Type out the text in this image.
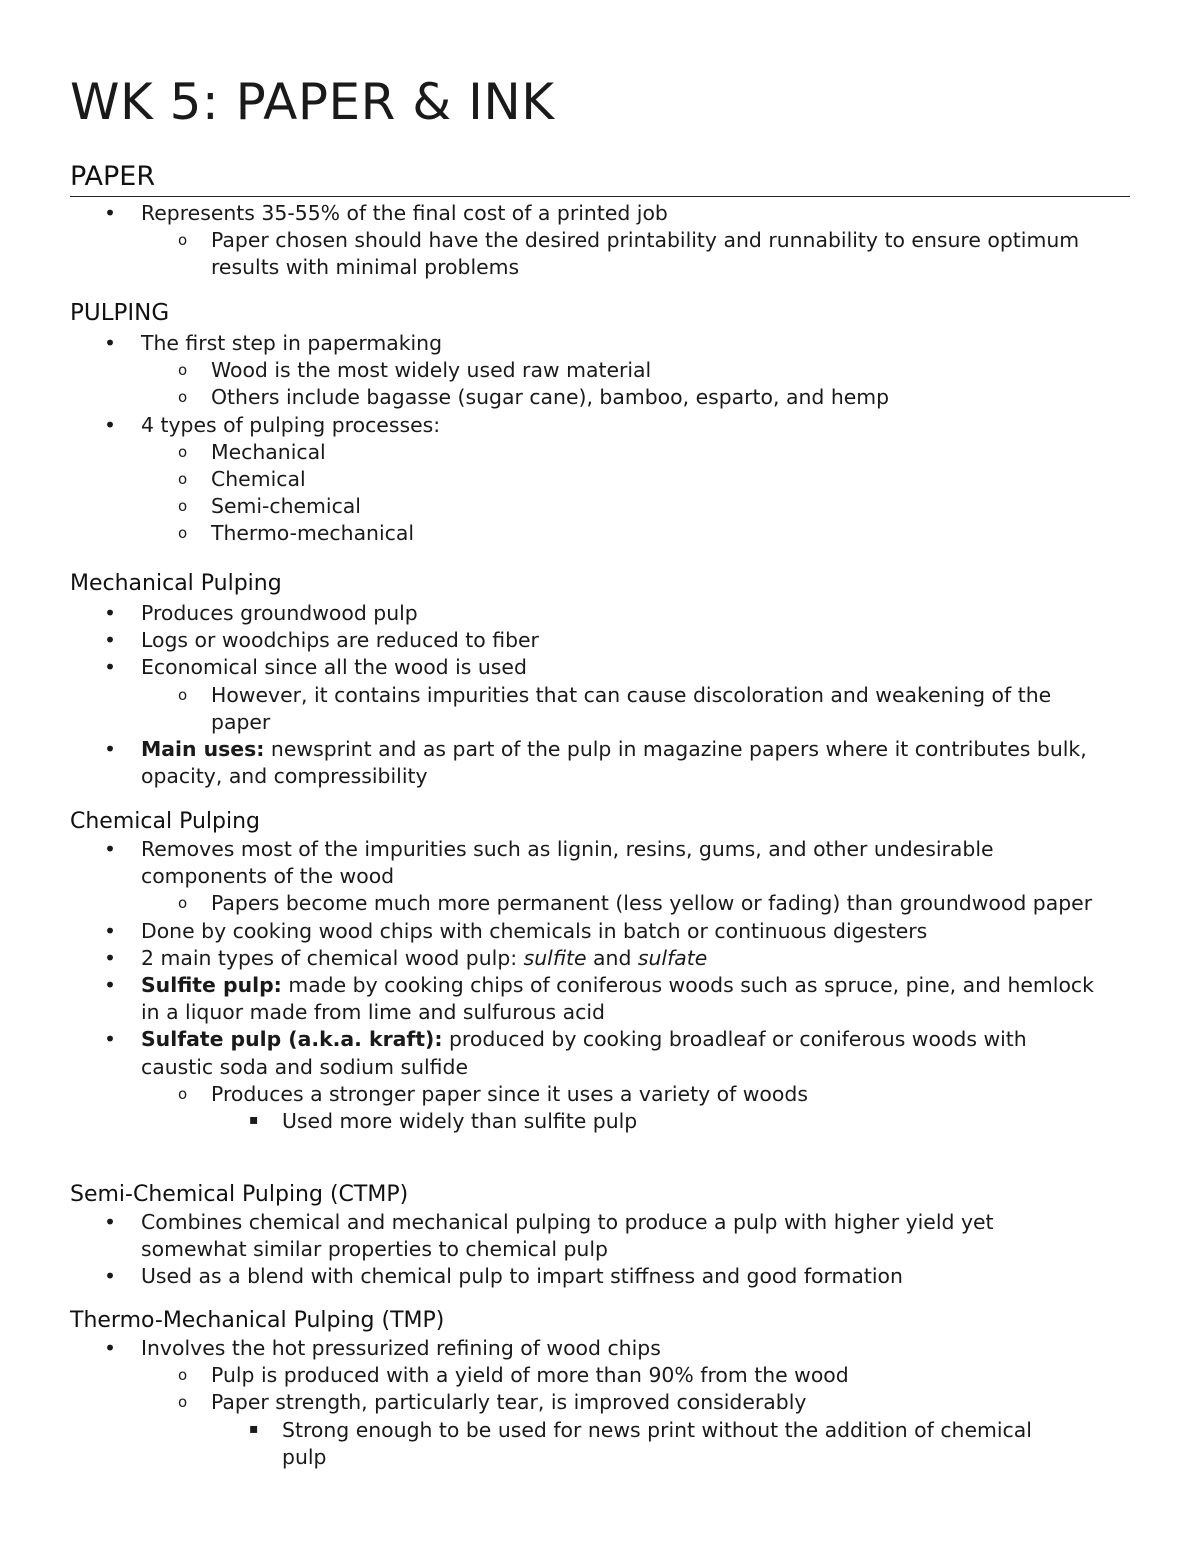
WK 5: PAPER & INK
PAPER
• Represents 35-55% of the final cost of a printed job
o Paper chosen should have the desired printability and runnability to ensure optimum results with minimal problems
PULPING
• The first step in papermaking
o Wood is the most widely used raw material
o Others include bagasse (sugar cane), bamboo, esparto, and hemp
• 4 types of pulping processes:
o Mechanical
o Chemical
o Semi-chemical
o Thermo-mechanical
Mechanical Pulping
• Produces groundwood pulp
• Logs or woodchips are reduced to fiber
• Economical since all the wood is used
o However, it contains impurities that can cause discoloration and weakening of the paper
• Main uses: newsprint and as part of the pulp in magazine papers where it contributes bulk, opacity, and compressibility
Chemical Pulping
• Removes most of the impurities such as lignin, resins, gums, and other undesirable components of the wood
o Papers become much more permanent (less yellow or fading) than groundwood paper
• Done by cooking wood chips with chemicals in batch or continuous digesters
• 2 main types of chemical wood pulp: sulfite and sulfate
• Sulfite pulp: made by cooking chips of coniferous woods such as spruce, pine, and hemlock in a liquor made from lime and sulfurous acid
• Sulfate pulp (a.k.a. kraft): produced by cooking broadleaf or coniferous woods with caustic soda and sodium sulfide
o Produces a stronger paper since it uses a variety of woods
▪ Used more widely than sulfite pulp
Semi-Chemical Pulping (CTMP)
• Combines chemical and mechanical pulping to produce a pulp with higher yield yet somewhat similar properties to chemical pulp
• Used as a blend with chemical pulp to impart stiffness and good formation
Thermo-Mechanical Pulping (TMP)
• Involves the hot pressurized refining of wood chips
o Pulp is produced with a yield of more than 90% from the wood
o Paper strength, particularly tear, is improved considerably
▪ Strong enough to be used for news print without the addition of chemical pulp
